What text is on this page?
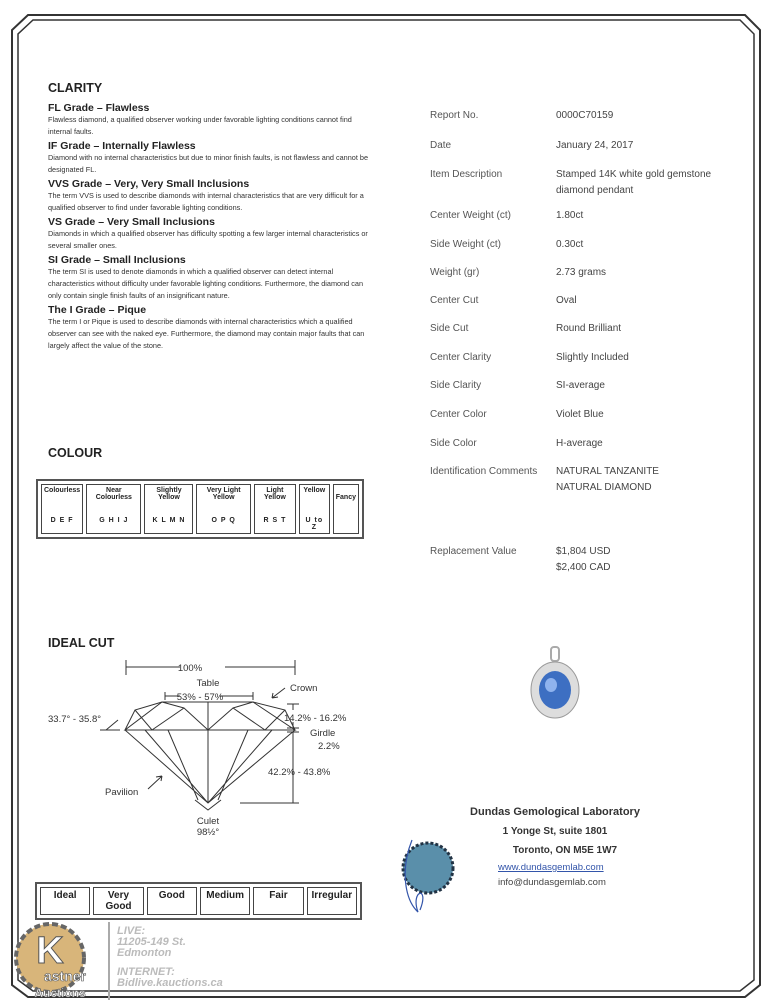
CLARITY
FL Grade – Flawless
Flawless diamond, a qualified observer working under favorable lighting conditions cannot find internal faults.
IF Grade – Internally Flawless
Diamond with no internal characteristics but due to minor finish faults, is not flawless and cannot be designated FL.
VVS Grade – Very, Very Small Inclusions
The term VVS is used to describe diamonds with internal characteristics that are very difficult for a qualified observer to find under favorable lighting conditions.
VS Grade – Very Small Inclusions
Diamonds in which a qualified observer has difficulty spotting a few larger internal characteristics or several smaller ones.
SI Grade – Small Inclusions
The term SI is used to denote diamonds in which a qualified observer can detect internal characteristics without difficulty under favorable lighting conditions. Furthermore, the diamond can only contain single finish faults of an insignificant nature.
The I Grade – Pique
The term I or Pique is used to describe diamonds with internal characteristics which a qualified observer can see with the naked eye. Furthermore, the diamond may contain major faults that can largely affect the value of the stone.
COLOUR
Colourless
D E F

Near Colourless
G H I J

Slightly Yellow
K L M N

Very Light Yellow
O P Q

Light Yellow
R S T

Yellow
U to Z

Fancy
IDEAL CUT
100%
Table
53% - 57%
Crown
33.7° - 35.8°	14.2% - 16.2%
Girdle
2.2%
42.2% - 43.8%
Pavilion
Culet
98½°
Ideal	Very Good	Good	Medium	Fair	Irregular
Report No.	0000C70159
Date	January 24, 2017
Item Description	Stamped 14K white gold gemstone diamond pendant
Center Weight (ct)	1.80ct
Side Weight (ct)	0.30ct
Weight (gr)	2.73 grams
Center Cut	Oval
Side Cut	Round Brilliant
Center Clarity	Slightly Included
Side Clarity	SI-average
Center Color	Violet Blue
Side Color	H-average
Identification Comments NATURAL TANZANITE
NATURAL DIAMOND
Replacement Value	$1,804 USD
$2,400 CAD
Dundas Gemological Laboratory
1 Yonge St, suite 1801
Toronto, ON M5E 1W7
www.dundasgemlab.com
info@dundasgemlab.com
K
astner
Auctions
LIVE:
11205-149 St.
Edmonton
INTERNET:
Bidlive.kauctions.ca
